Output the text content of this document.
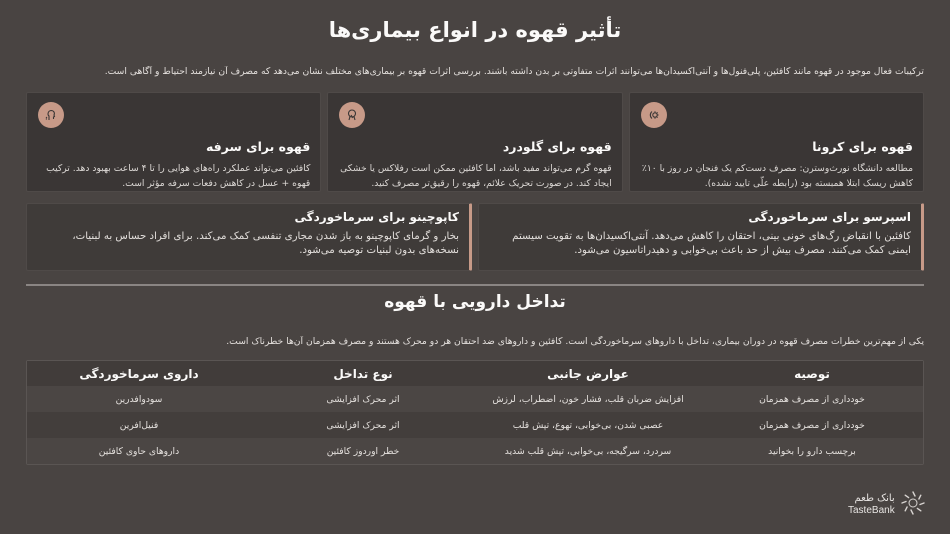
تأثیر قهوه در انواع بیماری‌ها

ترکیبات فعال موجود در قهوه مانند کافئین، پلی‌فنول‌ها و آنتی‌اکسیدان‌ها می‌توانند اثرات متفاوتی بر بدن داشته باشند. بررسی اثرات قهوه بر بیماری‌های مختلف نشان می‌دهد که مصرف آن نیازمند احتیاط و آگاهی است.

قهوه برای کرونا
مطالعه دانشگاه نورث‌وسترن: مصرف دست‌کم یک فنجان در روز با ۱۰٪ کاهش ریسک ابتلا همبسته بود (رابطه علّی تایید نشده).
قهوه برای گلودرد
قهوه گرم می‌تواند مفید باشد، اما کافئین ممکن است رفلاکس یا خشکی ایجاد کند. در صورت تحریک علائم، قهوه را رقیق‌تر مصرف کنید.
قهوه برای سرفه
کافئین می‌تواند عملکرد راه‌های هوایی را تا ۴ ساعت بهبود دهد. ترکیب قهوه + عسل در کاهش دفعات سرفه مؤثر است.
اسپرسو برای سرماخوردگی
کافئین با انقباض رگ‌های خونی بینی، احتقان را کاهش می‌دهد. آنتی‌اکسیدان‌ها به تقویت سیستم ایمنی کمک می‌کنند. مصرف بیش از حد باعث بی‌خوابی و دهیدراتاسیون می‌شود.
کاپوچینو برای سرماخوردگی
بخار و گرمای کاپوچینو به باز شدن مجاری تنفسی کمک می‌کند. برای افراد حساس به لبنیات، نسخه‌های بدون لبنیات توصیه می‌شود.
تداخل دارویی با قهوه

یکی از مهم‌ترین خطرات مصرف قهوه در دوران بیماری، تداخل با داروهای سرماخوردگی است. کافئین و داروهای ضد احتقان هر دو محرک هستند و مصرف همزمان آن‌ها خطرناک است.

داروی سرماخوردگی	نوع تداخل	عوارض جانبی	توصیه
سودوافدرین	اثر محرک افزایشی	افزایش ضربان قلب، فشار خون، اضطراب، لرزش	خودداری از مصرف همزمان
فنیل‌افرین	اثر محرک افزایشی	عصبی شدن، بی‌خوابی، تهوع، تپش قلب	خودداری از مصرف همزمان
داروهای حاوی کافئین	خطر اوردوز کافئین	سردرد، سرگیجه، بی‌خوابی، تپش قلب شدید	برچسب دارو را بخوانید
بانک طعم
TasteBank
